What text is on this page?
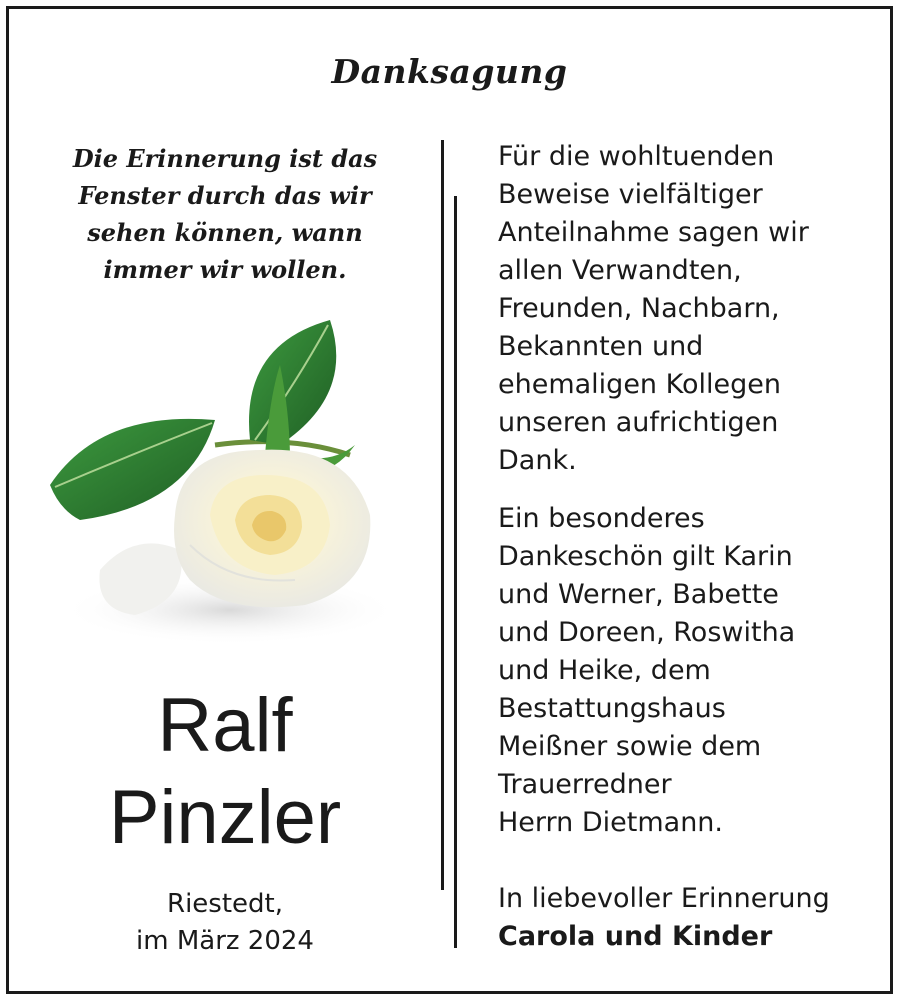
Danksagung
Die Erinnerung ist das
Fenster durch das wir
sehen können, wann
immer wir wollen.
Ralf
Pinzler
Riestedt,
im März 2024
Für die wohltuenden
Beweise vielfältiger
Anteilnahme sagen wir
allen Verwandten,
Freunden, Nachbarn,
Bekannten und
ehemaligen Kollegen
unseren aufrichtigen
Dank.
Ein besonderes
Dankeschön gilt Karin
und Werner, Babette
und Doreen, Roswitha
und Heike, dem
Bestattungshaus
Meißner sowie dem
Trauerredner
Herrn Dietmann.
In liebevoller Erinnerung
Carola und Kinder
